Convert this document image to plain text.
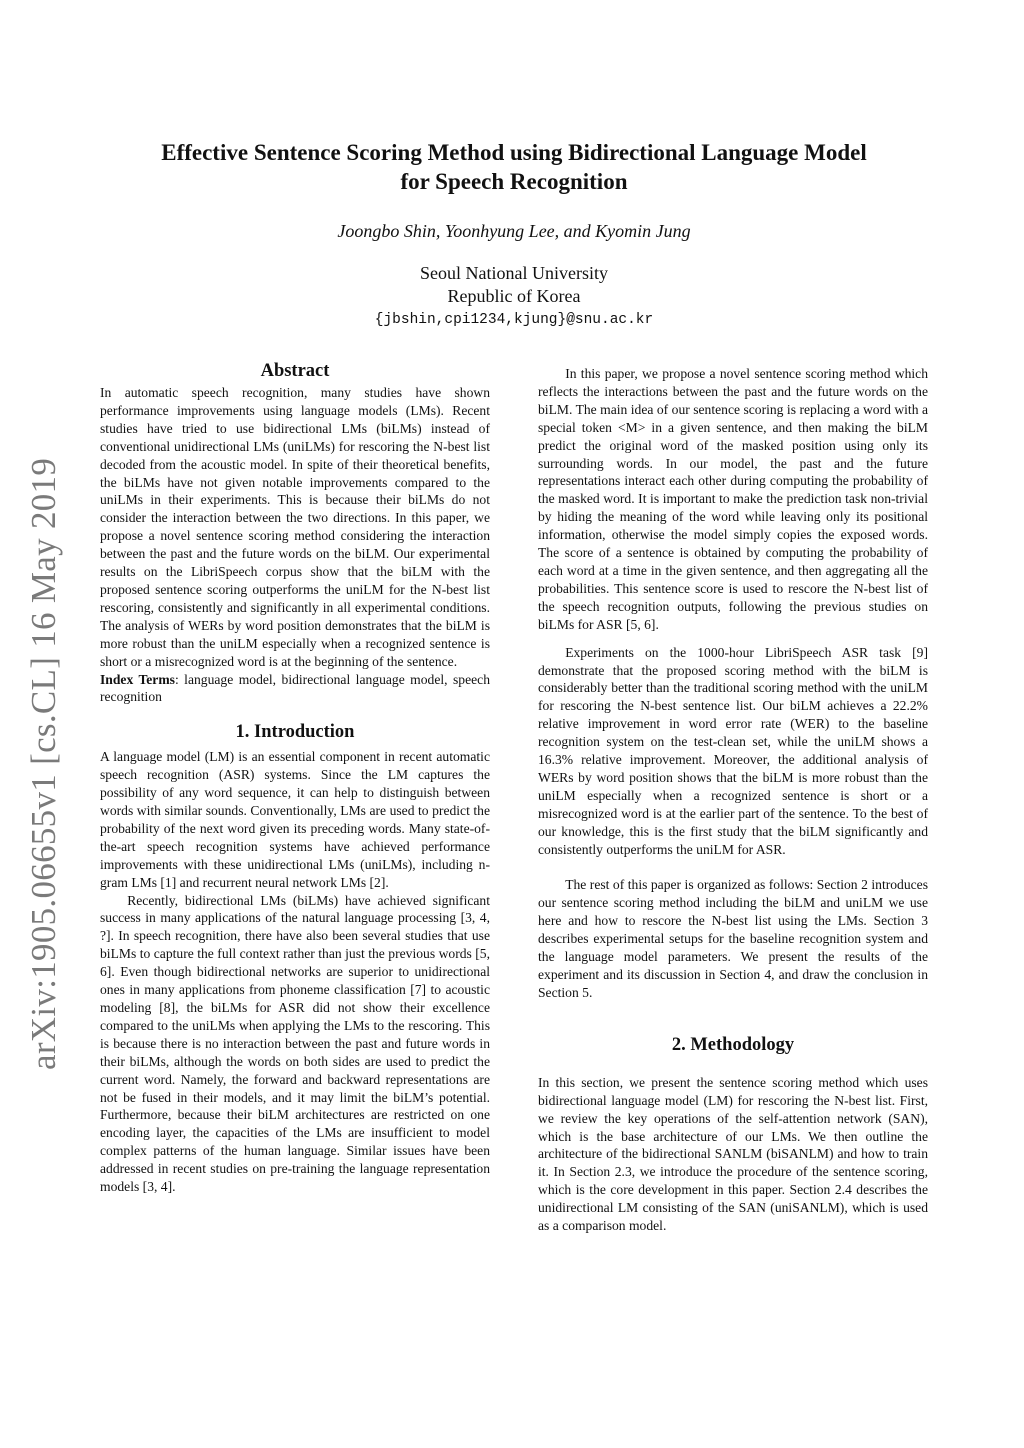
arXiv:1905.06655v1 [cs.CL] 16 May 2019
Effective Sentence Scoring Method using Bidirectional Language Model
for Speech Recognition
Joongbo Shin, Yoonhyung Lee, and Kyomin Jung
Seoul National University
Republic of Korea
{jbshin,cpi1234,kjung}@snu.ac.kr
Abstract

In automatic speech recognition, many studies have shown performance improvements using language models (LMs). Recent studies have tried to use bidirectional LMs (biLMs) instead of conventional unidirectional LMs (uniLMs) for rescoring the N-best list decoded from the acoustic model. In spite of their theoretical benefits, the biLMs have not given notable improvements compared to the uniLMs in their experiments. This is because their biLMs do not consider the interaction between the two directions. In this paper, we propose a novel sentence scoring method considering the interaction between the past and the future words on the biLM. Our experimental results on the LibriSpeech corpus show that the biLM with the proposed sentence scoring outperforms the uniLM for the N-best list rescoring, consistently and significantly in all experimental conditions. The analysis of WERs by word position demonstrates that the biLM is more robust than the uniLM especially when a recognized sentence is short or a misrecognized word is at the beginning of the sentence.

Index Terms: language model, bidirectional language model, speech recognition

1. Introduction

A language model (LM) is an essential component in recent automatic speech recognition (ASR) systems. Since the LM captures the possibility of any word sequence, it can help to distinguish between words with similar sounds. Conventionally, LMs are used to predict the probability of the next word given its preceding words. Many state-of-the-art speech recognition systems have achieved performance improvements with these unidirectional LMs (uniLMs), including n-gram LMs [1] and recurrent neural network LMs [2].

Recently, bidirectional LMs (biLMs) have achieved significant success in many applications of the natural language processing [3, 4, ?]. In speech recognition, there have also been several studies that use biLMs to capture the full context rather than just the previous words [5, 6]. Even though bidirectional networks are superior to unidirectional ones in many applications from phoneme classification [7] to acoustic modeling [8], the biLMs for ASR did not show their excellence compared to the uniLMs when applying the LMs to the rescoring. This is because there is no interaction between the past and future words in their biLMs, although the words on both sides are used to predict the current word. Namely, the forward and backward representations are not be fused in their models, and it may limit the biLM’s potential. Furthermore, because their biLM architectures are restricted on one encoding layer, the capacities of the LMs are insufficient to model complex patterns of the human language. Similar issues have been addressed in recent studies on pre-training the language representation models [3, 4].

In this paper, we propose a novel sentence scoring method which reflects the interactions between the past and the future words on the biLM. The main idea of our sentence scoring is replacing a word with a special token <M> in a given sentence, and then making the biLM predict the original word of the masked position using only its surrounding words. In our model, the past and the future representations interact each other during computing the probability of the masked word. It is important to make the prediction task non-trivial by hiding the meaning of the word while leaving only its positional information, otherwise the model simply copies the exposed words. The score of a sentence is obtained by computing the probability of each word at a time in the given sentence, and then aggregating all the probabilities. This sentence score is used to rescore the N-best list of the speech recognition outputs, following the previous studies on biLMs for ASR [5, 6].

Experiments on the 1000-hour LibriSpeech ASR task [9] demonstrate that the proposed scoring method with the biLM is considerably better than the traditional scoring method with the uniLM for rescoring the N-best sentence list. Our biLM achieves a 22.2% relative improvement in word error rate (WER) to the baseline recognition system on the test-clean set, while the uniLM shows a 16.3% relative improvement. Moreover, the additional analysis of WERs by word position shows that the biLM is more robust than the uniLM especially when a recognized sentence is short or a misrecognized word is at the earlier part of the sentence. To the best of our knowledge, this is the first study that the biLM significantly and consistently outperforms the uniLM for ASR.

The rest of this paper is organized as follows: Section 2 introduces our sentence scoring method including the biLM and uniLM we use here and how to rescore the N-best list using the LMs. Section 3 describes experimental setups for the baseline recognition system and the language model parameters. We present the results of the experiment and its discussion in Section 4, and draw the conclusion in Section 5.

2. Methodology

In this section, we present the sentence scoring method which uses bidirectional language model (LM) for rescoring the N-best list. First, we review the key operations of the self-attention network (SAN), which is the base architecture of our LMs. We then outline the architecture of the bidirectional SANLM (biSANLM) and how to train it. In Section 2.3, we introduce the procedure of the sentence scoring, which is the core development in this paper. Section 2.4 describes the unidirectional LM consisting of the SAN (uniSANLM), which is used as a comparison model.
